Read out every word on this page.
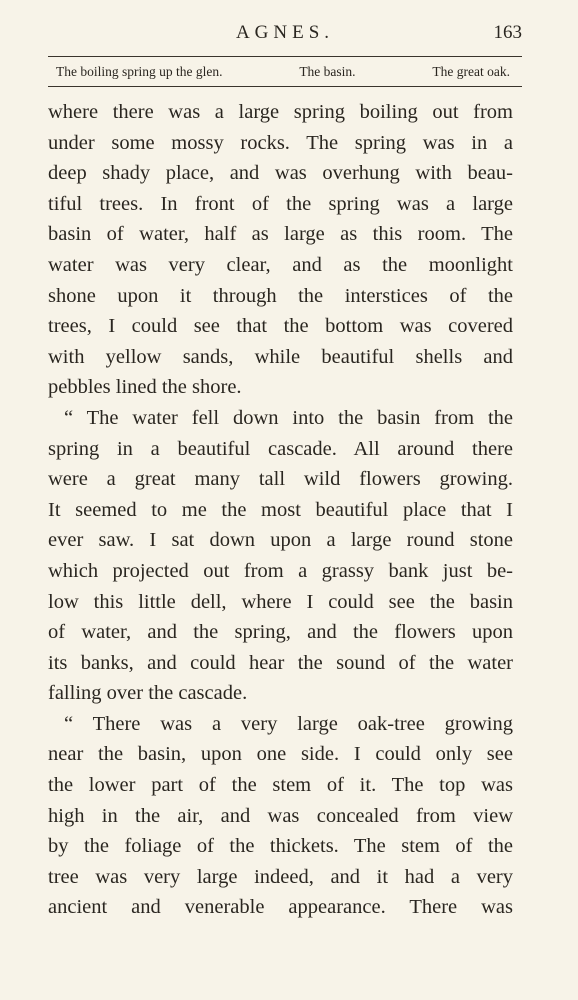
AGNES.	163
The boiling spring up the glen.	The basin.	The great oak.
where there was a large spring boiling out from
under some mossy rocks. The spring was in a
deep shady place, and was overhung with beau-
tiful trees. In front of the spring was a large
basin of water, half as large as this room. The
water was very clear, and as the moonlight
shone upon it through the interstices of the
trees, I could see that the bottom was covered
with yellow sands, while beautiful shells and
pebbles lined the shore.
“ The water fell down into the basin from the
spring in a beautiful cascade. All around there
were a great many tall wild flowers growing.
It seemed to me the most beautiful place that I
ever saw. I sat down upon a large round stone
which projected out from a grassy bank just be-
low this little dell, where I could see the basin
of water, and the spring, and the flowers upon
its banks, and could hear the sound of the water
falling over the cascade.
“ There was a very large oak-tree growing
near the basin, upon one side. I could only see
the lower part of the stem of it. The top was
high in the air, and was concealed from view
by the foliage of the thickets. The stem of the
tree was very large indeed, and it had a very
ancient and venerable appearance. There was
